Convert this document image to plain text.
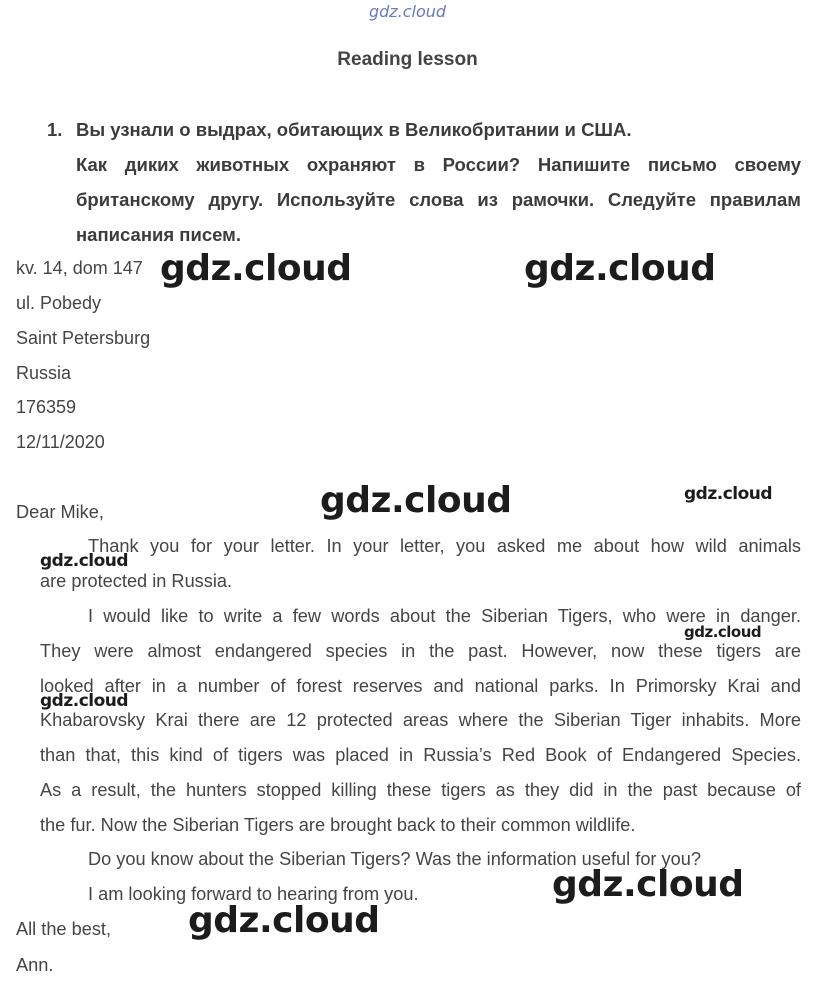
gdz.cloud
Reading lesson
1. Вы узнали о выдрах, обитающих в Великобритании и США.
Как диких животных охраняют в России? Напишите письмо своему
британскому другу. Используйте слова из рамочки. Следуйте правилам
написания писем.
kv. 14, dom 147
ul. Pobedy
Saint Petersburg
Russia
176359
12/11/2020
Dear Mike,
Thank you for your letter. In your letter, you asked me about how wild animals
are protected in Russia.
I would like to write a few words about the Siberian Tigers, who were in danger.
They were almost endangered species in the past. However, now these tigers are
looked after in a number of forest reserves and national parks. In Primorsky Krai and
Khabarovsky Krai there are 12 protected areas where the Siberian Tiger inhabits. More
than that, this kind of tigers was placed in Russia’s Red Book of Endangered Species.
As a result, the hunters stopped killing these tigers as they did in the past because of
the fur. Now the Siberian Tigers are brought back to their common wildlife.
Do you know about the Siberian Tigers? Was the information useful for you?
I am looking forward to hearing from you.
All the best,
Ann.
gdz.cloud	gdz.cloud
gdz.cloud	gdz.cloud
gdz.cloud
gdz.cloud
gdz.cloud
gdz.cloud
gdz.cloud
